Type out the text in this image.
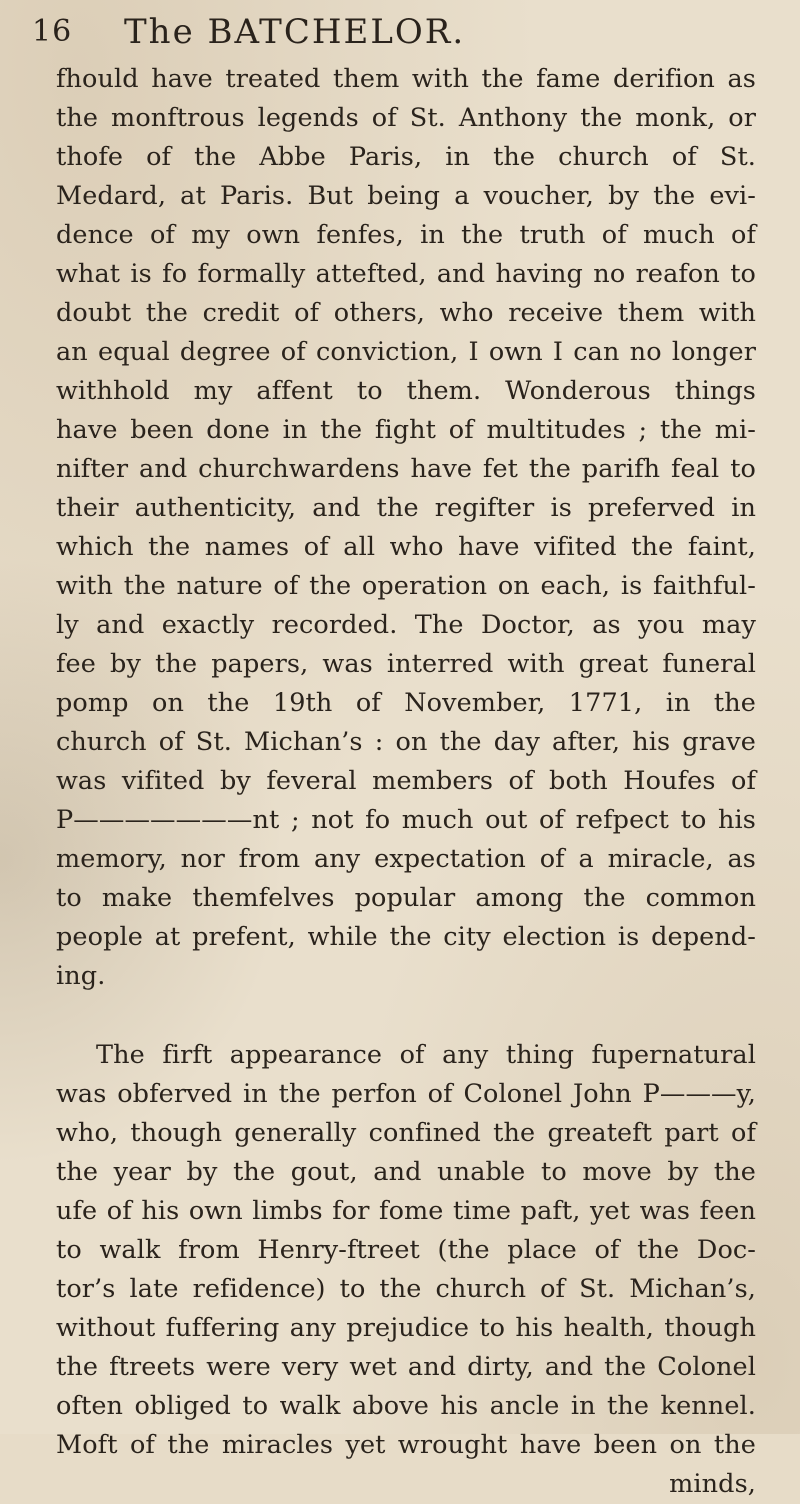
16 The BATCHELOR.
fhould have treated them with the fame derifion as
the monftrous legends of St. Anthony the monk, or
thofe of the Abbe Paris, in the church of St.
Medard, at Paris. But being a voucher, by the evi-
dence of my own fenfes, in the truth of much of
what is fo formally attefted, and having no reafon to
doubt the credit of others, who receive them with
an equal degree of conviction, I own I can no longer
withhold my affent to them. Wonderous things
have been done in the fight of multitudes ; the mi-
nifter and churchwardens have fet the parifh feal to
their authenticity, and the regifter is preferved in
which the names of all who have vifited the faint,
with the nature of the operation on each, is faithful-
ly and exactly recorded. The Doctor, as you may
fee by the papers, was interred with great funeral
pomp on the 19th of November, 1771, in the
church of St. Michan’s : on the day after, his grave
was vifited by feveral members of both Houfes of
P———————nt ; not fo much out of refpect to his
memory, nor from any expectation of a miracle, as
to make themfelves popular among the common
people at prefent, while the city election is depend-
ing.
The firft appearance of any thing fupernatural
was obferved in the perfon of Colonel John P———y,
who, though generally confined the greateft part of
the year by the gout, and unable to move by the
ufe of his own limbs for fome time paft, yet was feen
to walk from Henry-ftreet (the place of the Doc-
tor’s late refidence) to the church of St. Michan’s,
without fuffering any prejudice to his health, though
the ftreets were very wet and dirty, and the Colonel
often obliged to walk above his ancle in the kennel.
Moft of the miracles yet wrought have been on the
minds,
